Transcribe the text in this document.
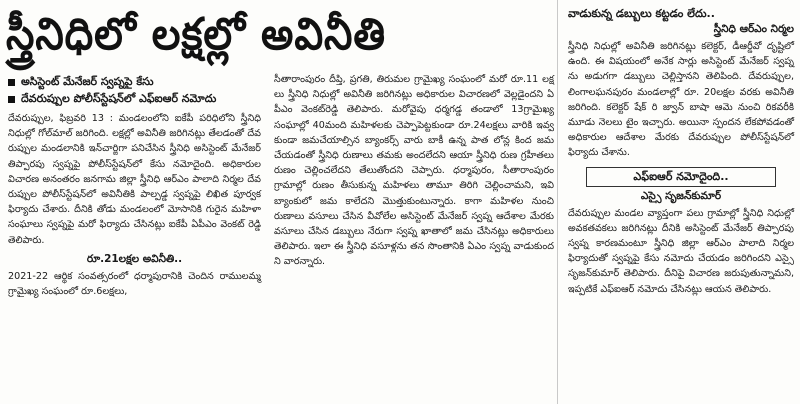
స్త్రీనిధిలో లక్షల్లో అవినీతి
అసిస్టెంట్ మేనేజర్ స్వప్నపై కేసు
దేవరుప్పుల పోలీస్‌స్టేషన్‌లో ఎఫ్‌ఐఆర్ నమోదు

దేవరుప్పుల, ఫిబ్రవరి 13 : మండలంలోని ఐకేపీ పరిధిలోని స్త్రీనిధి నిధుల్లో గోల్‌మాల్ జరిగింది. లక్షల్లో అవినీతి జరిగినట్లు తేలడంతో దేవరుప్పుల మండలానికి ఇన్‌చార్జిగా పనిచేసిన స్త్రీనిధి అసిస్టెంట్ మేనేజర్ తిప్పారపు స్వప్నపై పోలీస్‌స్టేషన్‌లో కేసు నమోదైంది. అధికారుల విచారణ అనంతరం జనగామ జిల్లా స్త్రీనిధి ఆర్‌ఎం పాలాది నిర్మల దేవరుప్పుల పోలీస్‌స్టేషన్‌లో అవినీతికి పాల్పడ్డ స్వప్నపై లిఖిత పూర్వక ఫిర్యాదు చేశారు. దీనికి తోడు మండలంలో మోసానికి గురైన మహిళా సంఘాలు స్వప్నపై మరో ఫిర్యాదు చేసినట్లు ఐకేపీ ఏపీఎం వెంకట్ రెడ్డి తెలిపారు.

రూ.21లక్షల అవినీతి..

2021-22 ఆర్థిక సంవత్సరంలో ధర్మాపురానికి చెందిన రాములమ్మ గ్రామైఖ్య సంఘంలో రూ.6లక్షలు,

సీతారాంపురం దీప్తి, ప్రగతి, తిరుమల గ్రామైఖ్య సంఘంలో మరో రూ.11 లక్షలు స్త్రీనిధి నిధుల్లో అవినీతి జరిగినట్లు అధికారుల విచారణలో వెల్లడైందని ఏపీఎం వెంకట్‌రెడ్డి తెలిపారు. మరోవైపు ధర్మగడ్డ తండాలో 13గ్రామైఖ్య సంఘాల్లో 40మంది మహిళలకు చెప్పాపెట్టకుండా రూ.24లక్షలు వారికి ఇవ్వకుండా జమచేయాల్సిన బ్యాంకర్స్ వారు బాకీ ఉన్న పాత లోన్ల కింద జమచేయడంతో స్త్రీనిధి రుణాలు తమకు అందలేదని ఆయా స్త్రీనిధి రుణ గ్రహీతలు రుణం చెల్లించలేదని తేలుతోందని చెప్పారు. ధర్మాపురం, సీతారాంపురం గ్రామాల్లో రుణం తీసుకున్న మహిళలు తామూ తిరిగి చెల్లించామని, ఇవి బ్యాంకులో జమ కాలేదని మొత్తుకుంటున్నారు. కాగా మహిళల నుంచి రుణాలు వసూలు చేసిన వీవోలేల అసిస్టెంట్ మేనేజర్ స్వప్న ఆదేశాల మేరకు వసూలు చేసిన డబ్బులు నేరుగా స్వప్న ఖాతాలో జమ చేసినట్లు అధికారులు తెలిపారు. ఇలా ఈ స్త్రీనిధి వసూళ్లను తన సొంతానికి ఏఎం స్వప్న వాడుకుందని వారన్నారు.

వాడుకున్న డబ్బులు కట్టడం లేదు..
స్త్రీనిధి ఆర్‌ఎం నిర్మల

స్త్రీనిధి నిధుల్లో అవినీతి జరిగినట్లు కలెక్టర్, డీఆర్డీవో దృష్టిలో ఉంది. ఈ విషయంలో అనేక సార్లు అసిస్టెంట్ మేనేజర్ స్వప్నను అడుగగా డబ్బులు చెల్లిస్తానని తెలిపింది. దేవరుప్పుల, లింగాలఘనపురం మండలాల్లో రూ. 20లక్షల వరకు అవినీతి జరిగింది. కలెక్టర్ షేక్ రి జ్వాన్ బాషా ఆమె నుంచి రికవరీకి మూడు నెలలు టైం ఇచ్చారు. అయినా స్పందన లేకపోవడంతో అధికారుల ఆదేశాల మేరకు దేవరుప్పుల పోలీస్‌స్టేషన్‌లో ఫిర్యాదు చేశాను.

ఎఫ్‌ఐఆర్ నమోదైంది..
ఎస్సై సృజన్‌కుమార్

దేవరుప్పుల మండల వ్యాప్తంగా పలు గ్రామాల్లో స్త్రీనిధి నిధుల్లో అవకతవకలు జరిగినట్లు దీనికి అసిస్టెంట్ మేనేజర్ తిప్పారపు స్వప్న కారణమంటూ స్త్రీనిధి జిల్లా ఆర్‌ఎం పాలాది నిర్మల ఫిర్యాదుతో స్వప్నపై కేసు నమోదు చేయడం జరిగిందని ఎస్సై సృజన్‌కుమార్ తెలిపారు. దీనిపై విచారణ జరుపుతున్నామని, ఇప్పటికే ఎఫ్‌ఐఆర్ నమోదు చేసినట్లు ఆయన తెలిపారు.
